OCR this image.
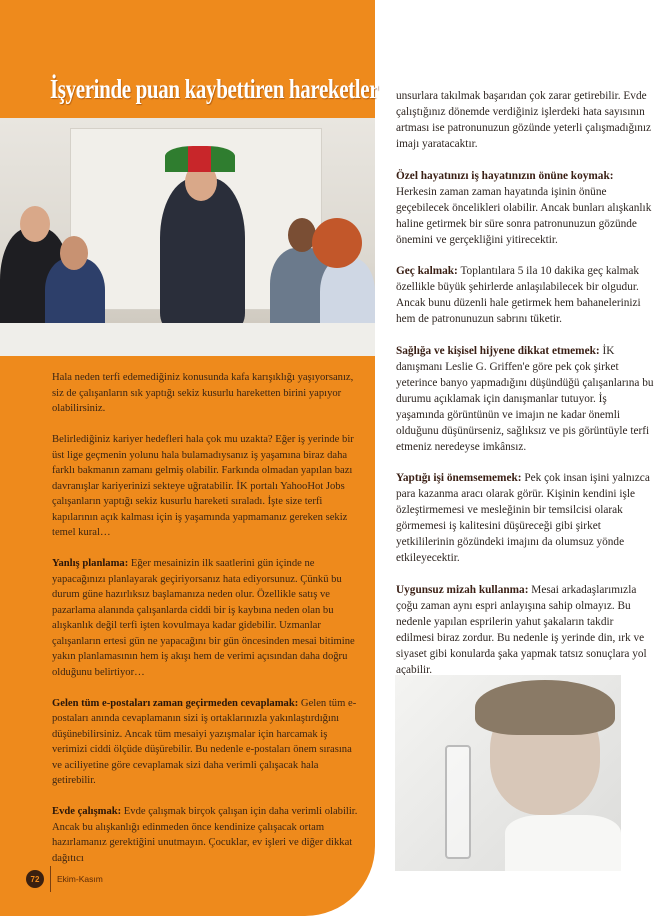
İşyerinde puan kaybettiren hareketler

Hala neden terfi edemediğiniz konusunda kafa karışıklığı yaşıyorsanız, siz de çalışanların sık yaptığı sekiz kusurlu hareketten birini yapıyor olabilirsiniz.

Belirlediğiniz kariyer hedefleri hala çok mu uzakta? Eğer iş yerinde bir üst lige geçmenin yolunu hala bulamadıysanız iş yaşamına biraz daha farklı bakmanın zamanı gelmiş olabilir. Farkında olmadan yapılan bazı davranışlar kariyerinizi sekteye uğratabilir. İK portalı YahooHot Jobs çalışanların yaptığı sekiz kusurlu hareketi sıraladı. İşte size terfi kapılarının açık kalması için iş yaşamında yapmamanız gereken sekiz temel kural…

Yanlış planlama: Eğer mesainizin ilk saatlerini gün içinde ne yapacağınızı planlayarak geçiriyorsanız hata ediyorsunuz. Çünkü bu durum güne hazırlıksız başlamanıza neden olur. Özellikle satış ve pazarlama alanında çalışanlarda ciddi bir iş kaybına neden olan bu alışkanlık değil terfi işten kovulmaya kadar gidebilir. Uzmanlar çalışanların ertesi gün ne yapacağını bir gün öncesinden mesai bitimine yakın planlamasının hem iş akışı hem de verimi açısından daha doğru olduğunu belirtiyor…

Gelen tüm e-postaları zaman geçirmeden cevaplamak: Gelen tüm e-postaları anında cevaplamanın sizi iş ortaklarınızla yakınlaştırdığını düşünebilirsiniz. Ancak tüm mesaiyi yazışmalar için harcamak iş verimizi ciddi ölçüde düşürebilir. Bu nedenle e-postaları önem sırasına ve aciliyetine göre cevaplamak sizi daha verimli çalışacak hala getirebilir.

Evde çalışmak: Evde çalışmak birçok çalışan için daha verimli olabilir. Ancak bu alışkanlığı edinmeden önce kendinize çalışacak ortam hazırlamanız gerektiğini unutmayın. Çocuklar, ev işleri ve diğer dikkat dağıtıcı

unsurlara takılmak başarıdan çok zarar getirebilir. Evde çalıştığınız dönemde verdiğiniz işlerdeki hata sayısının artması ise patronunuzun gözünde yeterli çalışmadığınız imajı yaratacaktır.

Özel hayatınızı iş hayatınızın önüne koymak: Herkesin zaman zaman hayatında işinin önüne geçebilecek öncelikleri olabilir. Ancak bunları alışkanlık haline getirmek bir süre sonra patronunuzun gözünde önemini ve gerçekliğini yitirecektir.

Geç kalmak: Toplantılara 5 ila 10 dakika geç kalmak özellikle büyük şehirlerde anlaşılabilecek bir olgudur. Ancak bunu düzenli hale getirmek hem bahanelerinizi hem de patronunuzun sabrını tüketir.

Sağlığa ve kişisel hijyene dikkat etmemek: İK danışmanı Leslie G. Griffen'e göre pek çok şirket yeterince banyo yapmadığını düşündüğü çalışanlarına bu durumu açıklamak için danışmanlar tutuyor. İş yaşamında görüntünün ve imajın ne kadar önemli olduğunu düşünürseniz, sağlıksız ve pis görüntüyle terfi etmeniz neredeyse imkânsız.

Yaptığı işi önemsememek: Pek çok insan işini yalnızca para kazanma aracı olarak görür. Kişinin kendini işle özleştirmemesi ve mesleğinin bir temsilcisi olarak görmemesi iş kalitesini düşüreceği gibi şirket yetkililerinin gözündeki imajını da olumsuz yönde etkileyecektir.

Uygunsuz mizah kullanma: Mesai arkadaşlarımızla çoğu zaman aynı espri anlayışına sahip olmayız. Bu nedenle yapılan esprilerin yahut şakaların takdir edilmesi biraz zordur. Bu nedenle iş yerinde din, ırk ve siyaset gibi konularda şaka yapmak tatsız sonuçlara yol açabilir.

72	Ekim-Kasım
